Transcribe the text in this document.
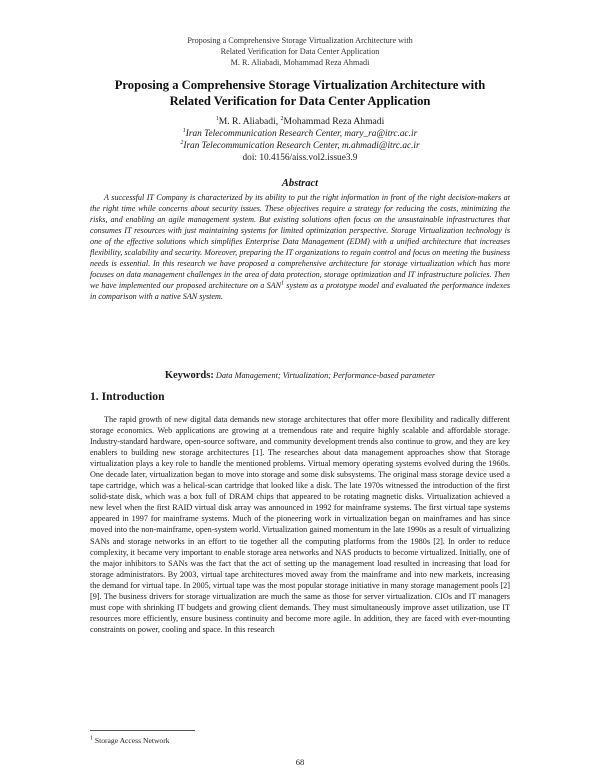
Proposing a Comprehensive Storage Virtualization Architecture with
Related Verification for Data Center Application
M. R. Aliabadi, Mohammad Reza Ahmadi
Proposing a Comprehensive Storage Virtualization Architecture with
Related Verification for Data Center Application
$^1$M. R. Aliabadi, $^2$Mohammad Reza Ahmadi
$^1$Iran Telecommunication Research Center, mary_ra@itrc.ac.ir
$^2$Iran Telecommunication Research Center, m.ahmadi@itrc.ac.ir
doi: 10.4156/aiss.vol2.issue3.9
Abstract

A successful IT Company is characterized by its ability to put the right information in front of the right decision-makers at the right time while concerns about security issues. These objectives require a strategy for reducing the costs, minimizing the risks, and enabling an agile management system. But existing solutions often focus on the unsustainable infrastructures that consumes IT resources with just maintaining systems for limited optimization perspective. Storage Virtualization technology is one of the effective solutions which simplifies Enterprise Data Management (EDM) with a unified architecture that increases flexibility, scalability and security. Moreover, preparing the IT organizations to regain control and focus on meeting the business needs is essential. In this research we have proposed a comprehensive architecture for storage virtualization which has more focuses on data management challenges in the area of data protection, storage optimization and IT infrastructure policies. Then we have implemented our proposed architecture on a SAN$^1$ system as a prototype model and evaluated the performance indexes in comparison with a native SAN system.

Keywords: Data Management; Virtualization; Performance-based parameter
1. Introduction

The rapid growth of new digital data demands new storage architectures that offer more flexibility and radically different storage economics. Web applications are growing at a tremendous rate and require highly scalable and affordable storage. Industry-standard hardware, open-source software, and community development trends also continue to grow, and they are key enablers to building new storage architectures [1]. The researches about data management approaches show that Storage virtualization plays a key role to handle the mentioned problems. Virtual memory operating systems evolved during the 1960s. One decade later, virtualization began to move into storage and some disk subsystems. The original mass storage device used a tape cartridge, which was a helical-scan cartridge that looked like a disk. The late 1970s witnessed the introduction of the first solid-state disk, which was a box full of DRAM chips that appeared to be rotating magnetic disks. Virtualization achieved a new level when the first RAID virtual disk array was announced in 1992 for mainframe systems. The first virtual tape systems appeared in 1997 for mainframe systems. Much of the pioneering work in virtualization began on mainframes and has since moved into the non-mainframe, open-system world. Virtualization gained momentum in the late 1990s as a result of virtualizing SANs and storage networks in an effort to tie together all the computing platforms from the 1980s [2]. In order to reduce complexity, it became very important to enable storage area networks and NAS products to become virtualized. Initially, one of the major inhibitors to SANs was the fact that the act of setting up the management load resulted in increasing that load for storage administrators. By 2003, virtual tape architectures moved away from the mainframe and into new markets, increasing the demand for virtual tape. In 2005, virtual tape was the most popular storage initiative in many storage management pools [2][9]. The business drivers for storage virtualization are much the same as those for server virtualization. CIOs and IT managers must cope with shrinking IT budgets and growing client demands. They must simultaneously improve asset utilization, use IT resources more efficiently, ensure business continuity and become more agile. In addition, they are faced with ever-mounting constraints on power, cooling and space. In this research

$^1$ Storage Access Network
68
